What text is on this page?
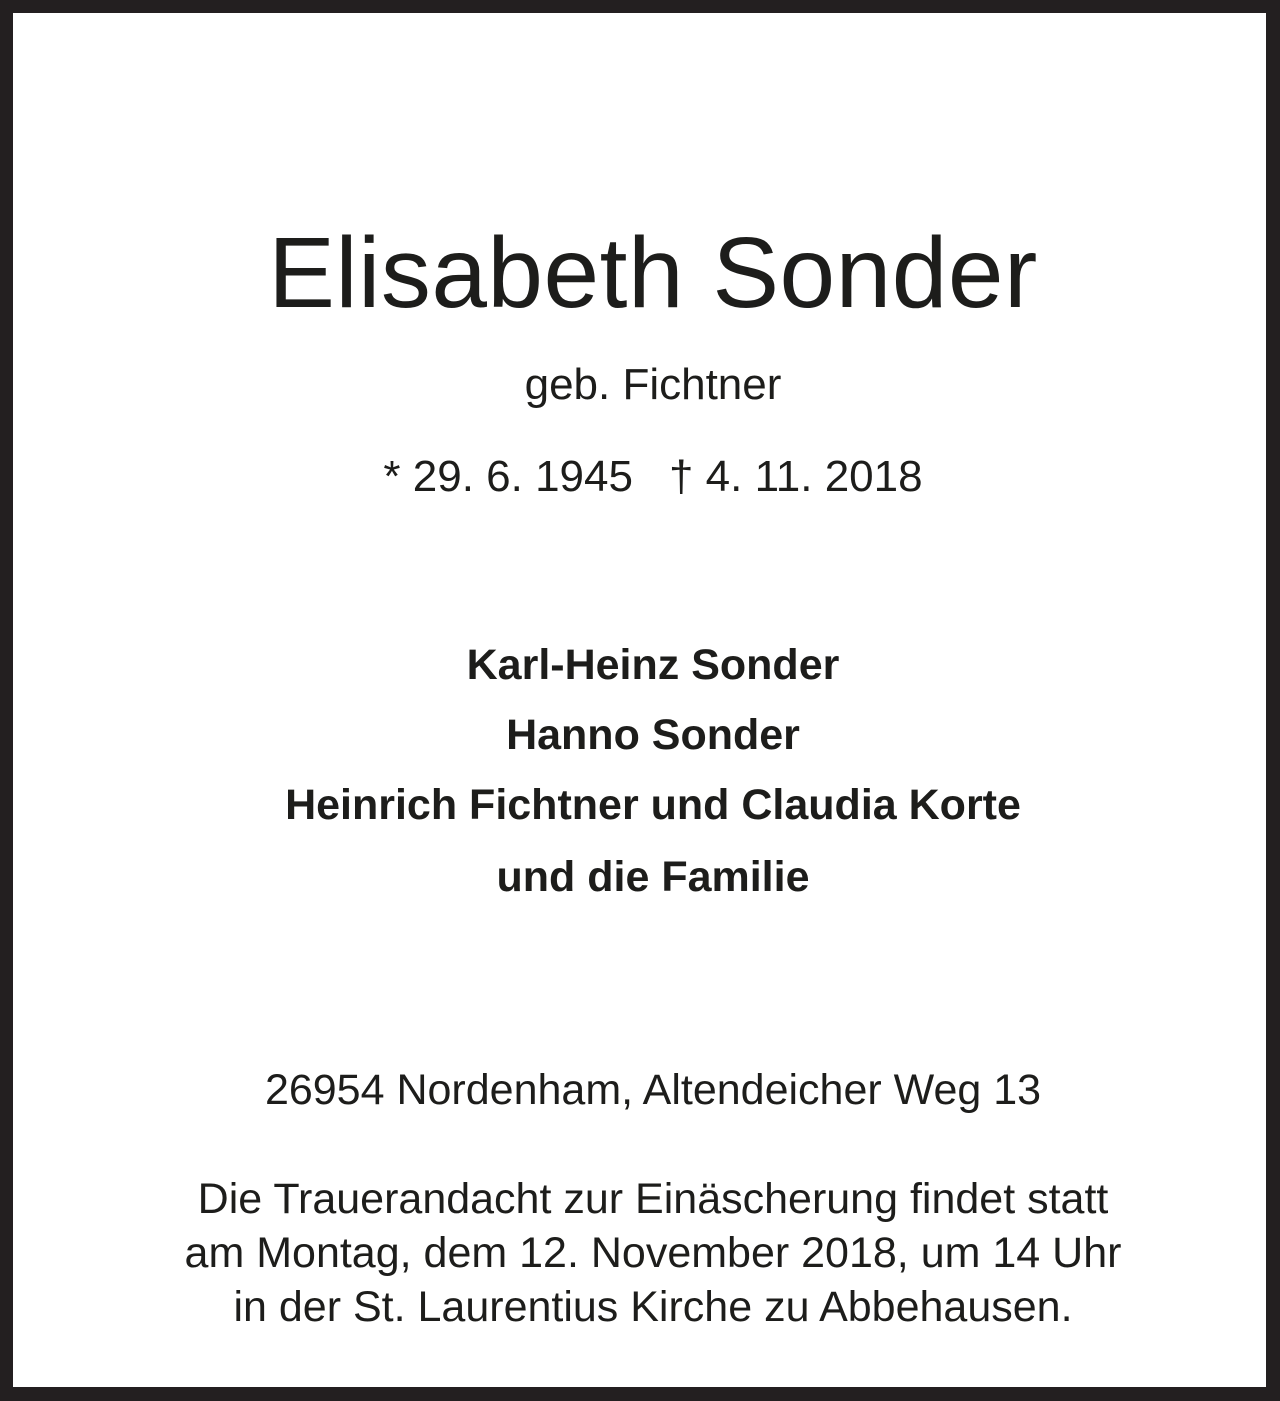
Elisabeth Sonder
geb. Fichtner
* 29. 6. 1945 † 4. 11. 2018
Karl-Heinz Sonder
Hanno Sonder
Heinrich Fichtner und Claudia Korte
und die Familie
26954 Nordenham, Altendeicher Weg 13
Die Trauerandacht zur Einäscherung findet statt
am Montag, dem 12. November 2018, um 14 Uhr
in der St. Laurentius Kirche zu Abbehausen.
